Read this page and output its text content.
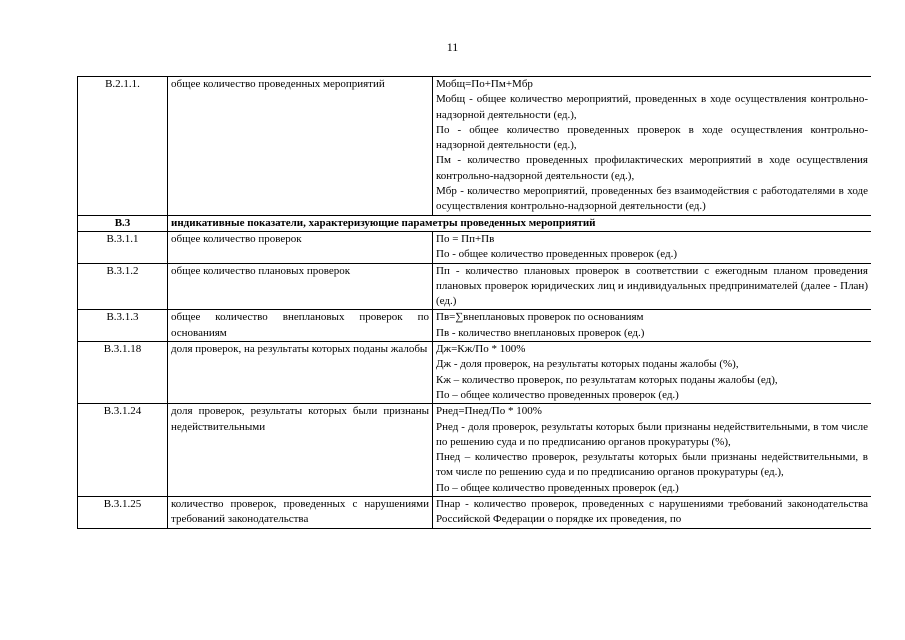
11
В.2.1.1.	общее количество проведенных мероприятий	Мобщ=По+Пм+Мбр

Мобщ - общее количество мероприятий, проведенных в ходе осуществления контрольно-надзорной деятельности (ед.),

По - общее количество проведенных проверок в ходе осуществления контрольно-надзорной деятельности (ед.),

Пм - количество проведенных профилактических мероприятий в ходе осуществления контрольно-надзорной деятельности (ед.),

Мбр - количество мероприятий, проведенных без взаимодействия с работодателями в ходе осуществления контрольно-надзорной деятельности (ед.)

В.3	индикативные показатели, характеризующие параметры проведенных мероприятий	
В.3.1.1	общее количество проверок	По = Пп+Пв

По - общее количество проведенных проверок (ед.)

В.3.1.2	общее количество плановых проверок	Пп - количество плановых проверок в соответствии с ежегодным планом проведения плановых проверок юридических лиц и индивидуальных предпринимателей (далее - План) (ед.)

В.3.1.3	общее количество внеплановых проверок по основаниям	Пв=∑внеплановых проверок по основаниям

Пв - количество внеплановых проверок (ед.)

В.3.1.18	доля проверок, на результаты которых поданы жалобы	Дж=Кж/По * 100%

Дж - доля проверок, на результаты которых поданы жалобы (%),

Кж – количество проверок, по результатам которых поданы жалобы (ед),

По – общее количество проведенных проверок (ед.)

В.3.1.24	доля проверок, результаты которых были признаны недействительными	Рнед=Пнед/По * 100%

Рнед - доля проверок, результаты которых были признаны недействительными, в том числе по решению суда и по предписанию органов прокуратуры (%),

Пнед – количество проверок, результаты которых были признаны недействительными, в том числе по решению суда и по предписанию органов прокуратуры (ед.),

По – общее количество проведенных проверок (ед.)

В.3.1.25	количество проверок, проведенных с нарушениями требований законодательства	Пнар - количество проверок, проведенных с нарушениями требований законодательства Российской Федерации о порядке их проведения, по
